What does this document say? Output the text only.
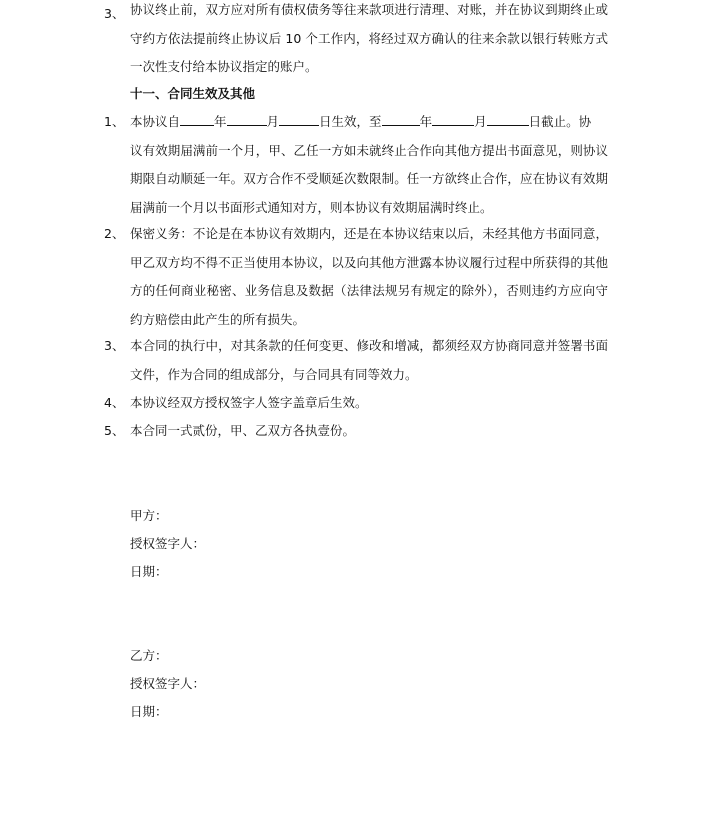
3、 协议终止前，双方应对所有债权债务等往来款项进行清理、对账，并在协议到期终止或
守约方依法提前终止协议后 10 个工作内，将经过双方确认的往来余款以银行转账方式
一次性支付给本协议指定的账户。
十一、合同生效及其他
1、 本协议自	年	月	日生效，至	年	月	日截止。协
议有效期届满前一个月，甲、乙任一方如未就终止合作向其他方提出书面意见，则协议
期限自动顺延一年。双方合作不受顺延次数限制。任一方欲终止合作，应在协议有效期
届满前一个月以书面形式通知对方，则本协议有效期届满时终止。
2、 保密义务：不论是在本协议有效期内，还是在本协议结束以后，未经其他方书面同意，
甲乙双方均不得不正当使用本协议，以及向其他方泄露本协议履行过程中所获得的其他
方的任何商业秘密、业务信息及数据（法律法规另有规定的除外），否则违约方应向守
约方赔偿由此产生的所有损失。
3、 本合同的执行中，对其条款的任何变更、修改和增减，都须经双方协商同意并签署书面
文件，作为合同的组成部分，与合同具有同等效力。
4、 本协议经双方授权签字人签字盖章后生效。
5、 本合同一式贰份，甲、乙双方各执壹份。
甲方：
授权签字人：
日期：
乙方：
授权签字人：
日期：
